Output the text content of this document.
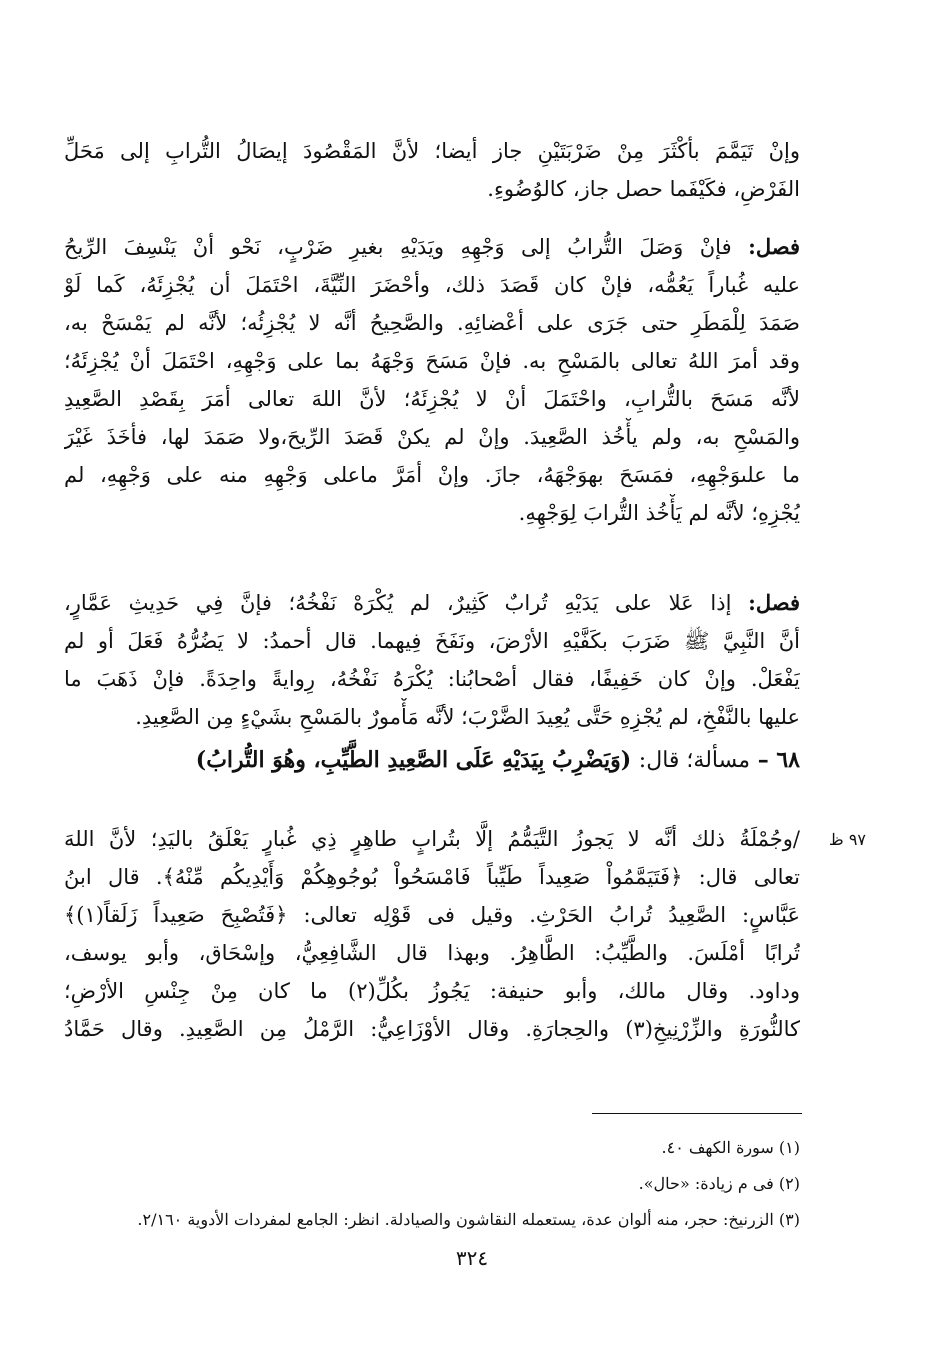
وإنْ تَيَمَّمَ بأكْثَرَ مِنْ ضَرْبَتَيْنِ جاز أيضا؛ لأنَّ المَقْصُودَ إيصَالُ التُّرابِ إلى مَحَلِّ
الفَرْضِ، فكَيْفَما حصل جاز، كالوُضُوءِ.
فصل: فإنْ وَصَلَ التُّرابُ إلى وَجْهِهِ ويَدَيْهِ بغيرِ ضَرْبٍ، نَحْو أنْ يَنْسِفَ الرِّيحُ
عليه غُباراً يَعُمُّه، فإنْ كان قَصَدَ ذلك، وأحْضَرَ النِّيَّةَ، احْتَمَلَ أن يُجْزِئَهُ، كَما لَوْ
صَمَدَ لِلْمَطَرِ حتى جَرَى على أعْضائِهِ. والصَّحِيحُ أنَّه لا يُجْزِئُه؛ لأنَّه لم يَمْسَحْ به،
وقد أمرَ اللهُ تعالى بالمَسْحِ به. فإنْ مَسَحَ وَجْهَهُ بما على وَجْهِهِ، احْتَمَلَ أنْ يُجْزِئَهُ؛
لأنَّه مَسَحَ بالتُّرابِ، واحْتَمَلَ أنْ لا يُجْزِئَهُ؛ لأنَّ اللهَ تعالى أمَرَ بِقَصْدِ الصَّعِيدِ
والمَسْحِ به، ولم يأْخُذ الصَّعِيدَ. وإنْ لم يكنْ قَصَدَ الرِّيحَ،ولا صَمَدَ لها، فأخَذَ غَيْرَ
ما علىوَجْهِهِ، فمَسَحَ بهوَجْهَهُ، جازَ. وإنْ أمَرَّ ماعلى وَجْهِهِ منه على وَجْهِهِ، لم
يُجْزِهِ؛ لأنَّه لم يَأْخُذ التُّرابَ لِوَجْهِهِ.
فصل: إذا عَلا على يَدَيْهِ تُرابٌ كَثِيرٌ، لم يُكْرَهْ نَفْخُهُ؛ فإنَّ فِي حَدِيثِ عَمَّارٍ،
أنَّ النَّبِيَّ ﷺ ضَرَبَ بكَفَّيْهِ الأرْضَ، ونَفَخَ فِيهما. قال أحمدُ: لا يَضُرُّهُ فَعَلَ أو لم
يَفْعَلْ. وإنْ كان خَفِيفًا، فقال أصْحابُنا: يُكْرَهُ نَفْخُهُ، رِوايةً واحِدَةً. فإنْ ذَهَبَ ما
عليها بالنَّفْخِ، لم يُجْزِهِ حَتَّى يُعِيدَ الضَّرْبَ؛ لأنَّه مَأْمورٌ بالمَسْحِ بشَيْءٍ مِن الصَّعِيدِ.
٦٨ – مسألة؛ قال: (وَيَضْرِبُ بِيَدَيْهِ عَلَى الصَّعِيدِ الطَّيِّبِ، وهُوَ التُّرابُ)
٩٧ ظ
/وجُمْلَةُ ذلك أنَّه لا يَجوزُ التَّيَمُّمُ إلَّا بتُرابٍ طاهِرٍ ذِي غُبارٍ يَعْلَقُ باليَدِ؛ لأنَّ اللهَ
تعالى قال: ﴿فَتَيَمَّمُواْ صَعِيداً طَيِّباً فَامْسَحُواْ بُوجُوهِكُمْ وَأَيْدِيكُم مِّنْهُ﴾. قال ابنُ
عَبَّاسٍ: الصَّعِيدُ تُرابُ الحَرْثِ. وقيل فى قَوْلِه تعالى: ﴿فَتُصْبِحَ صَعِيداً زَلَقاً(١)﴾
تُرابًا أمْلَسَ. والطَّيِّبُ: الطَّاهِرُ. وبهذا قال الشَّافِعِيُّ، وإسْحَاق، وأبو يوسف،
وداود. وقال مالك، وأبو حنيفة: يَجُوزُ بكُلِّ(٢) ما كان مِنْ جِنْسِ الأرْضِ؛
كالنُّورَةِ والزِّرْنِيخِ(٣) والحِجارَةِ. وقال الأوْزَاعِيُّ: الرَّمْلُ مِن الصَّعِيدِ. وقال حَمَّادُ
(١) سورة الكهف ٤٠.
(٢) فى م زيادة: «حال».
(٣) الزرنيخ: حجر، منه ألوان عدة، يستعمله النقاشون والصيادلة. انظر: الجامع لمفردات الأدوية ٢/١٦٠.
٣٢٤
